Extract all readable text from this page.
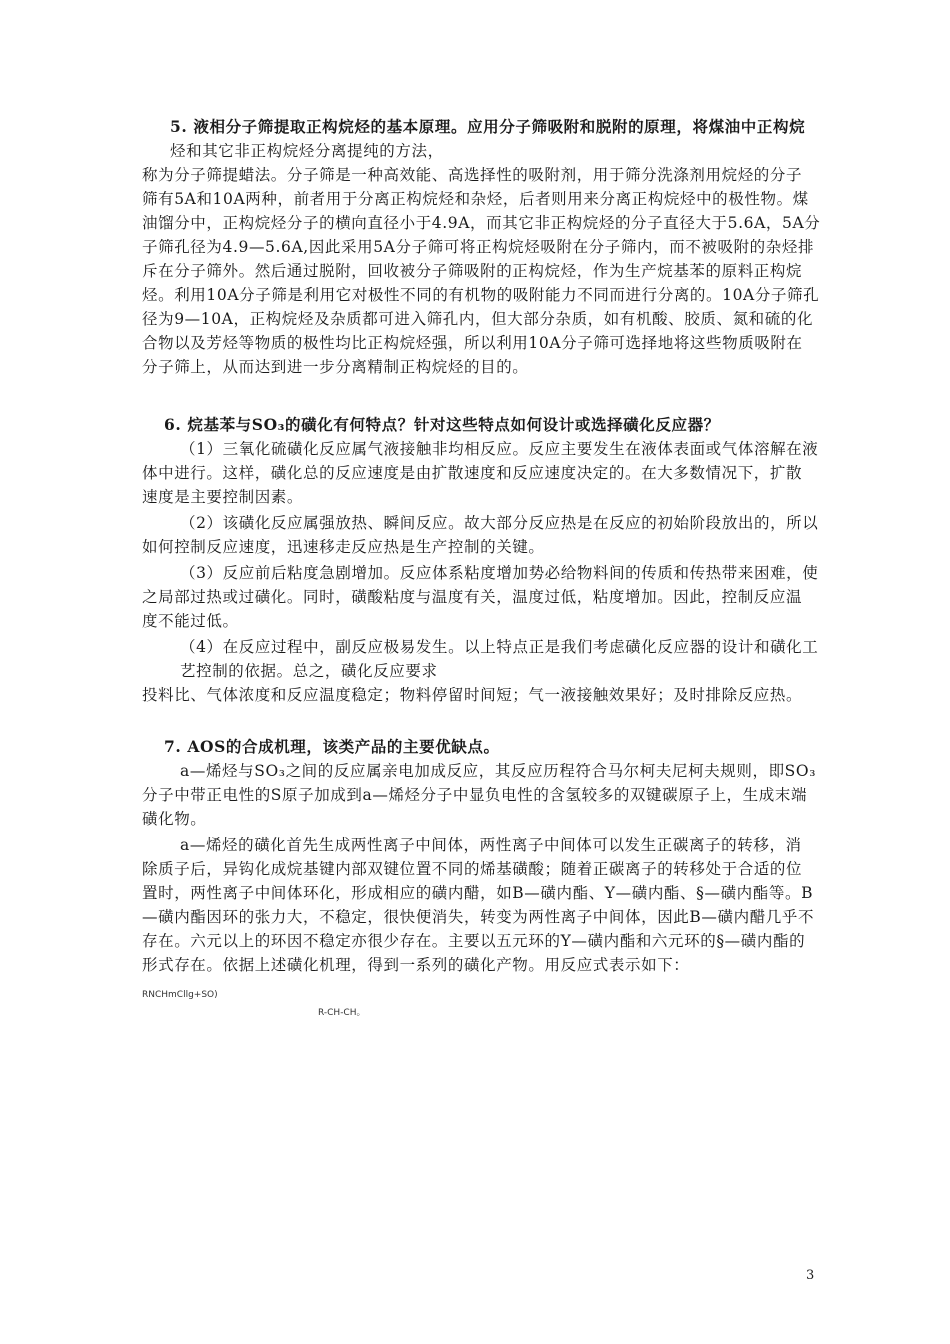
5. 液相分子筛提取正构烷烃的基本原理。应用分子筛吸附和脱附的原理，将煤油中正构烷
烃和其它非正构烷烃分离提纯的方法，
称为分子筛提蜡法。分子筛是一种高效能、高选择性的吸附剂，用于筛分洗涤剂用烷烃的分子
筛有5A和10A两种，前者用于分离正构烷烃和杂烃，后者则用来分离正构烷烃中的极性物。煤
油馏分中，正构烷烃分子的横向直径小于4.9A，而其它非正构烷烃的分子直径大于5.6A，5A分
子筛孔径为4.9—5.6A,因此采用5A分子筛可将正构烷烃吸附在分子筛内，而不被吸附的杂烃排
斥在分子筛外。然后通过脱附，回收被分子筛吸附的正构烷烃，作为生产烷基苯的原料正构烷
烃。利用10A分子筛是利用它对极性不同的有机物的吸附能力不同而进行分离的。10A分子筛孔
径为9—10A，正构烷烃及杂质都可进入筛孔内，但大部分杂质，如有机酸、胶质、氮和硫的化
合物以及芳烃等物质的极性均比正构烷烃强，所以利用10A分子筛可选择地将这些物质吸附在
分子筛上，从而达到进一步分离精制正构烷烃的目的。
6. 烷基苯与SO₃的磺化有何特点？针对这些特点如何设计或选择磺化反应器？
（1）三氧化硫磺化反应属气液接触非均相反应。反应主要发生在液体表面或气体溶解在液
体中进行。这样，磺化总的反应速度是由扩散速度和反应速度决定的。在大多数情况下，扩散
速度是主要控制因素。
（2）该磺化反应属强放热、瞬间反应。故大部分反应热是在反应的初始阶段放出的，所以
如何控制反应速度，迅速移走反应热是生产控制的关键。
（3）反应前后粘度急剧增加。反应体系粘度增加势必给物料间的传质和传热带来困难，使
之局部过热或过磺化。同时，磺酸粘度与温度有关，温度过低，粘度增加。因此，控制反应温
度不能过低。
（4）在反应过程中，副反应极易发生。以上特点正是我们考虑磺化反应器的设计和磺化工
艺控制的依据。总之，磺化反应要求
投料比、气体浓度和反应温度稳定；物料停留时间短；气一液接触效果好；及时排除反应热。
7. AOS的合成机理，该类产品的主要优缺点。
a—烯烃与SO₃之间的反应属亲电加成反应，其反应历程符合马尔柯夫尼柯夫规则，即SO₃
分子中带正电性的S原子加成到a—烯烃分子中显负电性的含氢较多的双键碳原子上，生成末端
磺化物。
a—烯烃的磺化首先生成两性离子中间体，两性离子中间体可以发生正碳离子的转移，消
除质子后，异钩化成烷基键内部双键位置不同的烯基磺酸；随着正碳离子的转移处于合适的位
置时，两性离子中间体环化，形成相应的磺内醋，如B—磺内酯、Y—磺内酯、§—磺内酯等。B
—磺内酯因环的张力大，不稳定，很快便消失，转变为两性离子中间体，因此B—磺内醋几乎不
存在。六元以上的环因不稳定亦很少存在。主要以五元环的Y—磺内酯和六元环的§—磺内酯的
形式存在。依据上述磺化机理，得到一系列的磺化产物。用反应式表示如下：
RNCHmCllg+SO)
R-CH-CH。
3
